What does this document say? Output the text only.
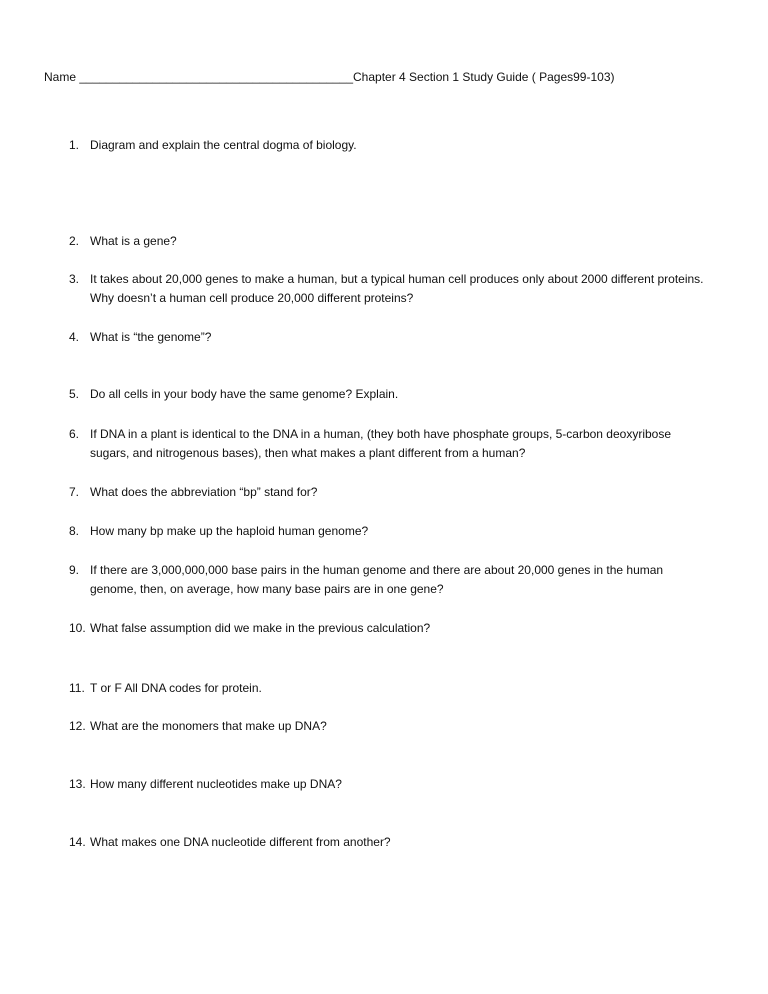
Name _________________________________________Chapter 4 Section 1 Study Guide ( Pages99-103)
1. Diagram and explain the central dogma of biology.
2. What is a gene?
3. It takes about 20,000 genes to make a human, but a typical human cell produces only about 2000 different proteins. Why doesn’t a human cell produce 20,000 different proteins?
4. What is “the genome”?
5. Do all cells in your body have the same genome? Explain.
6. If DNA in a plant is identical to the DNA in a human, (they both have phosphate groups, 5-carbon deoxyribose sugars, and nitrogenous bases), then what makes a plant different from a human?
7. What does the abbreviation “bp” stand for?
8. How many bp make up the haploid human genome?
9. If there are 3,000,000,000 base pairs in the human genome and there are about 20,000 genes in the human genome, then, on average, how many base pairs are in one gene?
10. What false assumption did we make in the previous calculation?
11. T or F All DNA codes for protein.
12. What are the monomers that make up DNA?
13. How many different nucleotides make up DNA?
14. What makes one DNA nucleotide different from another?
